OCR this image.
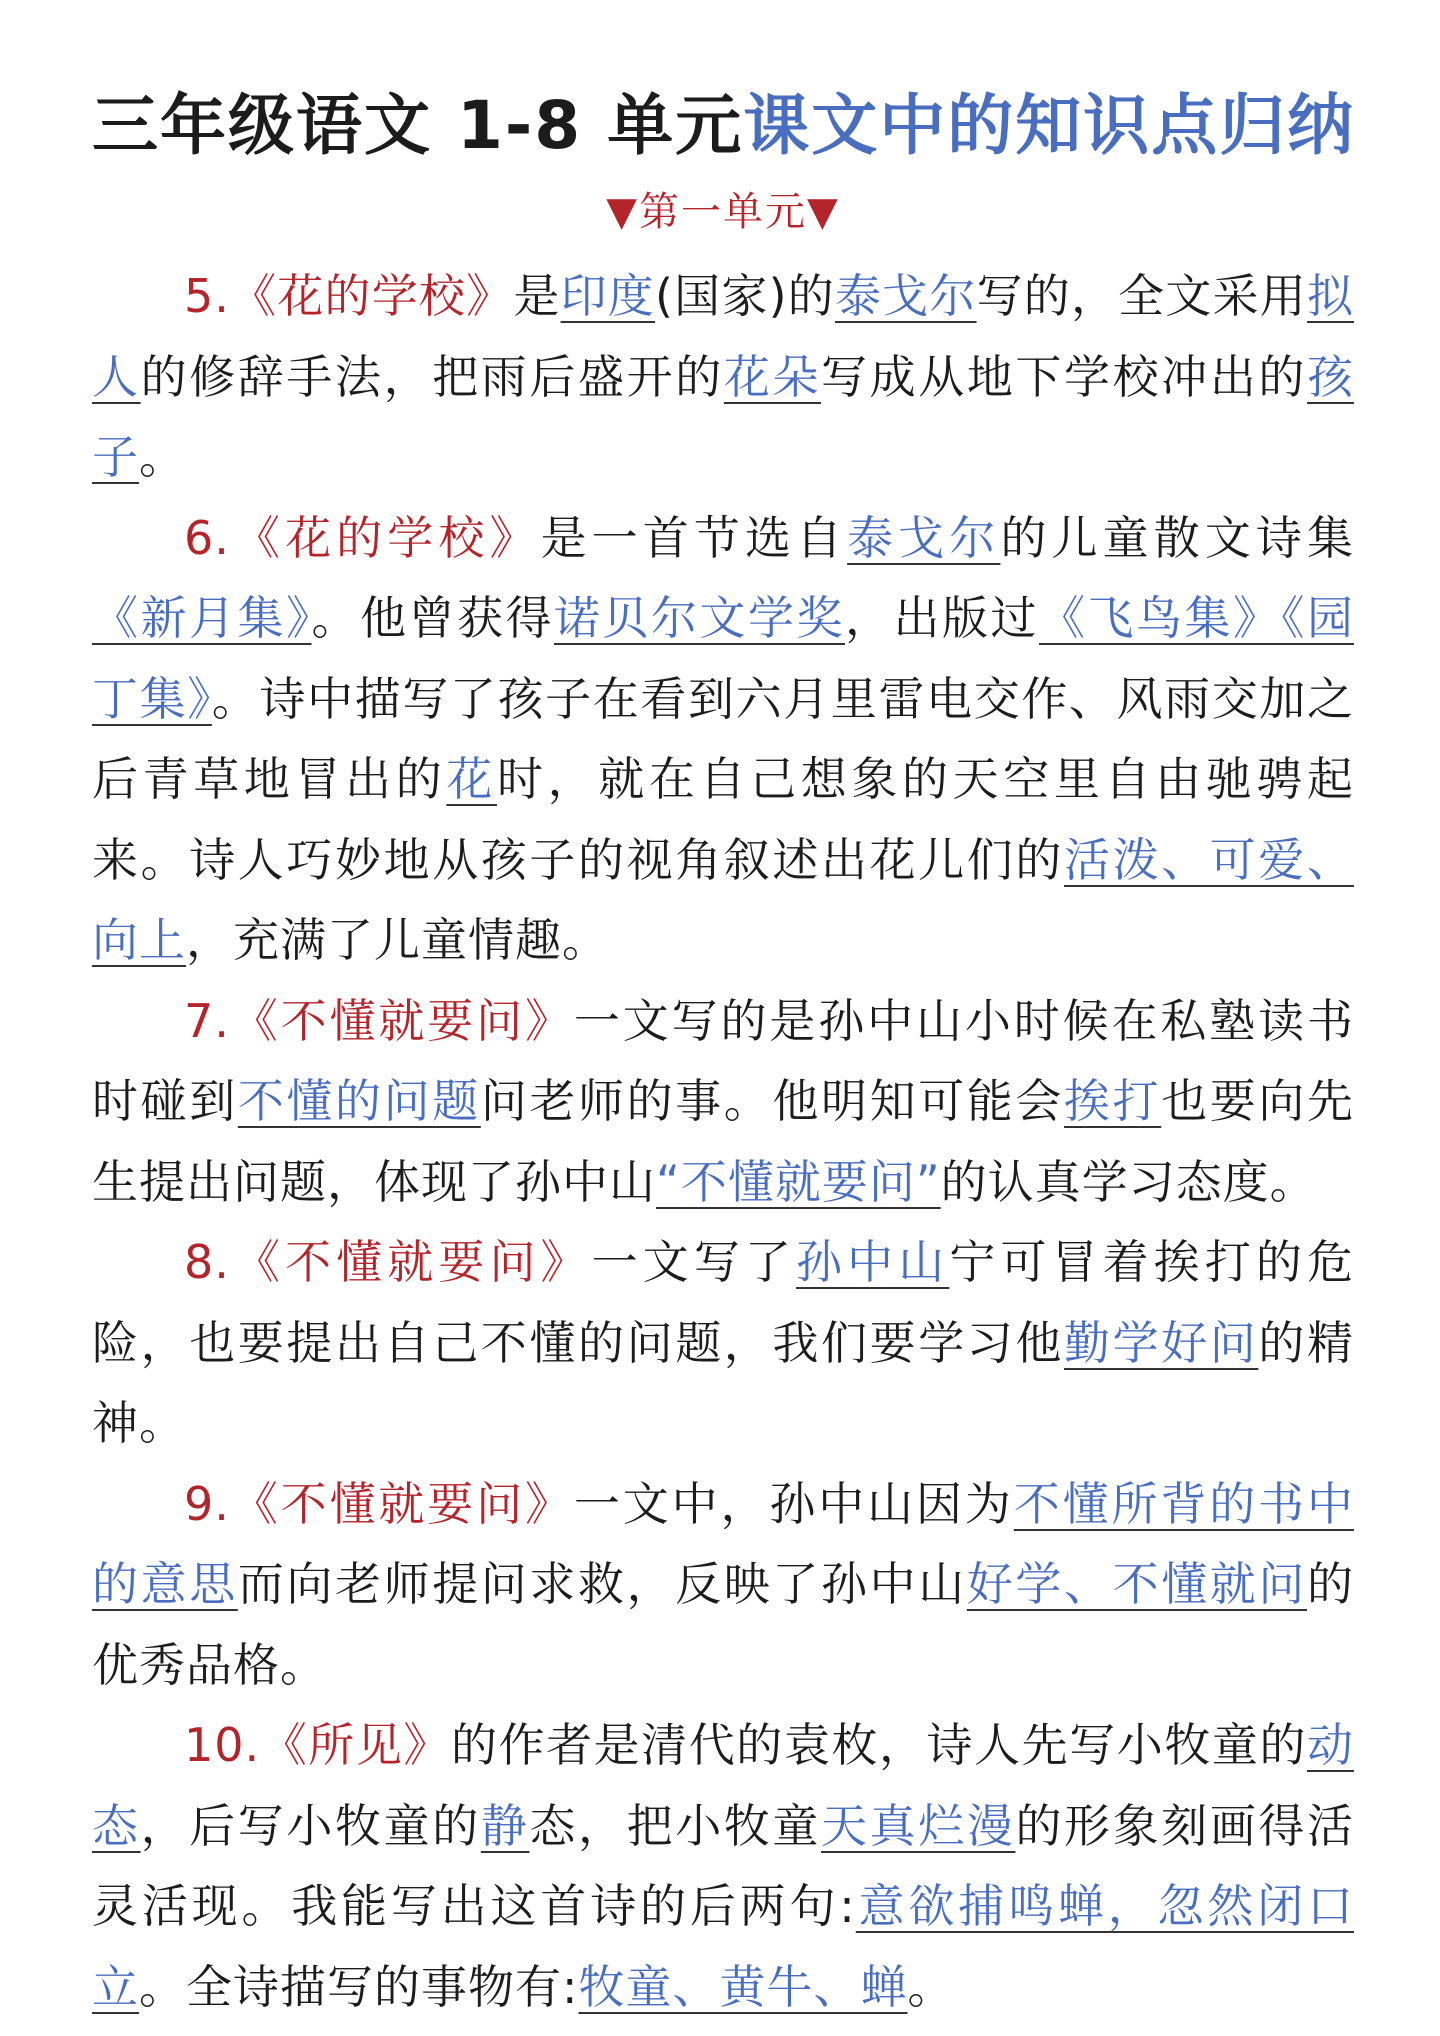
三年级语文 1-8 单元课文中的知识点归纳
▼第一单元▼

5.《花的学校》是印度(国家)的泰戈尔写的，全文采用拟人的修辞手法，把雨后盛开的花朵写成从地下学校冲出的孩子。

6.《花的学校》是一首节选自泰戈尔的儿童散文诗集《新月集》。他曾获得诺贝尔文学奖，出版过《飞鸟集》《园丁集》。诗中描写了孩子在看到六月里雷电交作、风雨交加之后青草地冒出的花时，就在自己想象的天空里自由驰骋起来。诗人巧妙地从孩子的视角叙述出花儿们的活泼、可爱、向上，充满了儿童情趣。

7.《不懂就要问》一文写的是孙中山小时候在私塾读书时碰到不懂的问题问老师的事。他明知可能会挨打也要向先生提出问题，体现了孙中山“不懂就要问”的认真学习态度。

8.《不懂就要问》一文写了孙中山宁可冒着挨打的危险，也要提出自己不懂的问题，我们要学习他勤学好问的精神。

9.《不懂就要问》一文中，孙中山因为不懂所背的书中的意思而向老师提问求救，反映了孙中山好学、不懂就问的优秀品格。

10.《所见》的作者是清代的袁枚，诗人先写小牧童的动态，后写小牧童的静态，把小牧童天真烂漫的形象刻画得活灵活现。我能写出这首诗的后两句:意欲捕鸣蝉，忽然闭口立。全诗描写的事物有:牧童、黄牛、蝉。
